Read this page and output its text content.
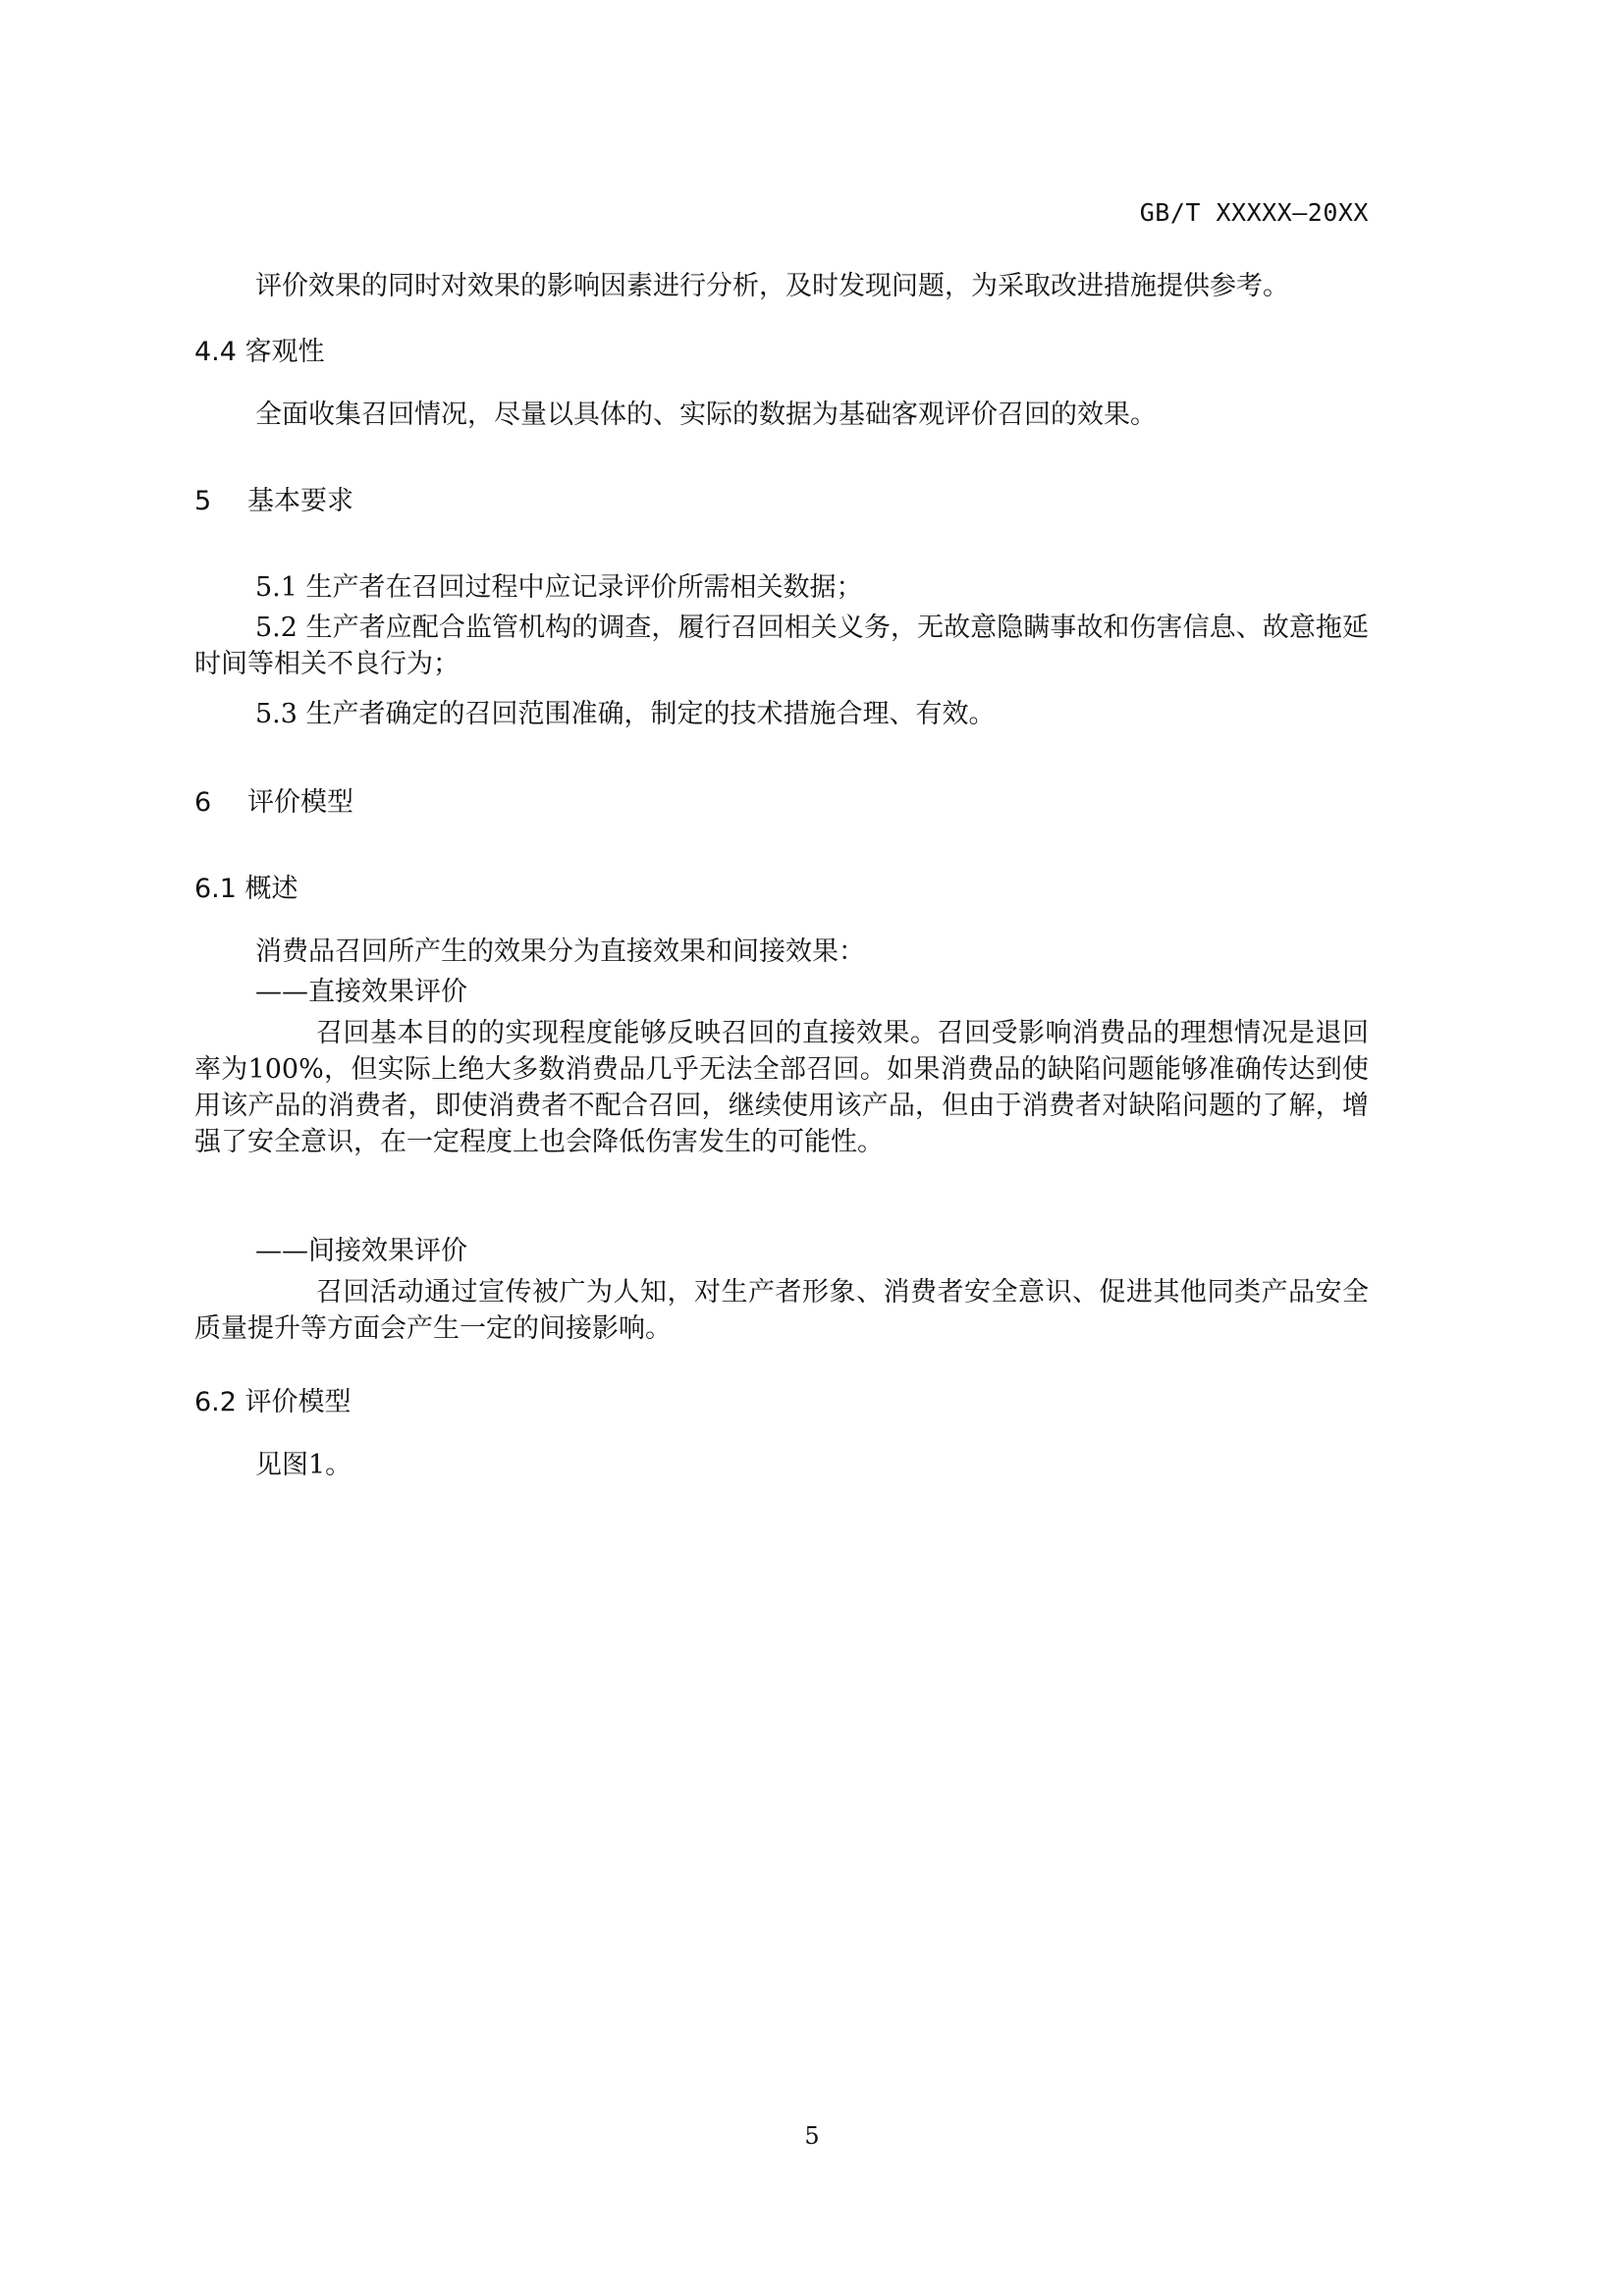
GB/T XXXXX—20XX

评价效果的同时对效果的影响因素进行分析，及时发现问题，为采取改进措施提供参考。

4.4 客观性

全面收集召回情况，尽量以具体的、实际的数据为基础客观评价召回的效果。

5 基本要求

5.1 生产者在召回过程中应记录评价所需相关数据；

5.2 生产者应配合监管机构的调查，履行召回相关义务，无故意隐瞒事故和伤害信息、故意拖延时间等相关不良行为；

5.3 生产者确定的召回范围准确，制定的技术措施合理、有效。

6 评价模型
6.1 概述

消费品召回所产生的效果分为直接效果和间接效果：

——直接效果评价

召回基本目的的实现程度能够反映召回的直接效果。召回受影响消费品的理想情况是退回率为100%，但实际上绝大多数消费品几乎无法全部召回。如果消费品的缺陷问题能够准确传达到使用该产品的消费者，即使消费者不配合召回，继续使用该产品，但由于消费者对缺陷问题的了解，增强了安全意识，在一定程度上也会降低伤害发生的可能性。

——间接效果评价

召回活动通过宣传被广为人知，对生产者形象、消费者安全意识、促进其他同类产品安全质量提升等方面会产生一定的间接影响。

6.2 评价模型

见图1。

5
